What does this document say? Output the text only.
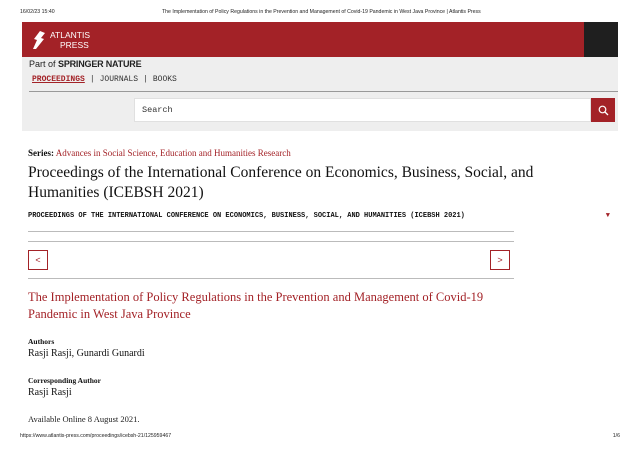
16/02/23 15:40	The Implementation of Policy Regulations in the Prevention and Management of Covid-19 Pandemic in West Java Province | Atlantis Press
ATLANTIS
PRESS
Part of SPRINGER NATURE
PROCEEDINGS | JOURNALS | BOOKS
Search
Series: Advances in Social Science, Education and Humanities Research
Proceedings of the International Conference on Economics, Business, Social, and Humanities (ICEBSH 2021)
PROCEEDINGS OF THE INTERNATIONAL CONFERENCE ON ECONOMICS, BUSINESS, SOCIAL, AND HUMANITIES (ICEBSH 2021)	▼
<	>
The Implementation of Policy Regulations in the Prevention and Management of Covid-19 Pandemic in West Java Province
Authors
Rasji Rasji, Gunardi Gunardi
Corresponding Author
Rasji Rasji
Available Online 8 August 2021.
https://www.atlantis-press.com/proceedings/icebsh-21/125959467	1/6
